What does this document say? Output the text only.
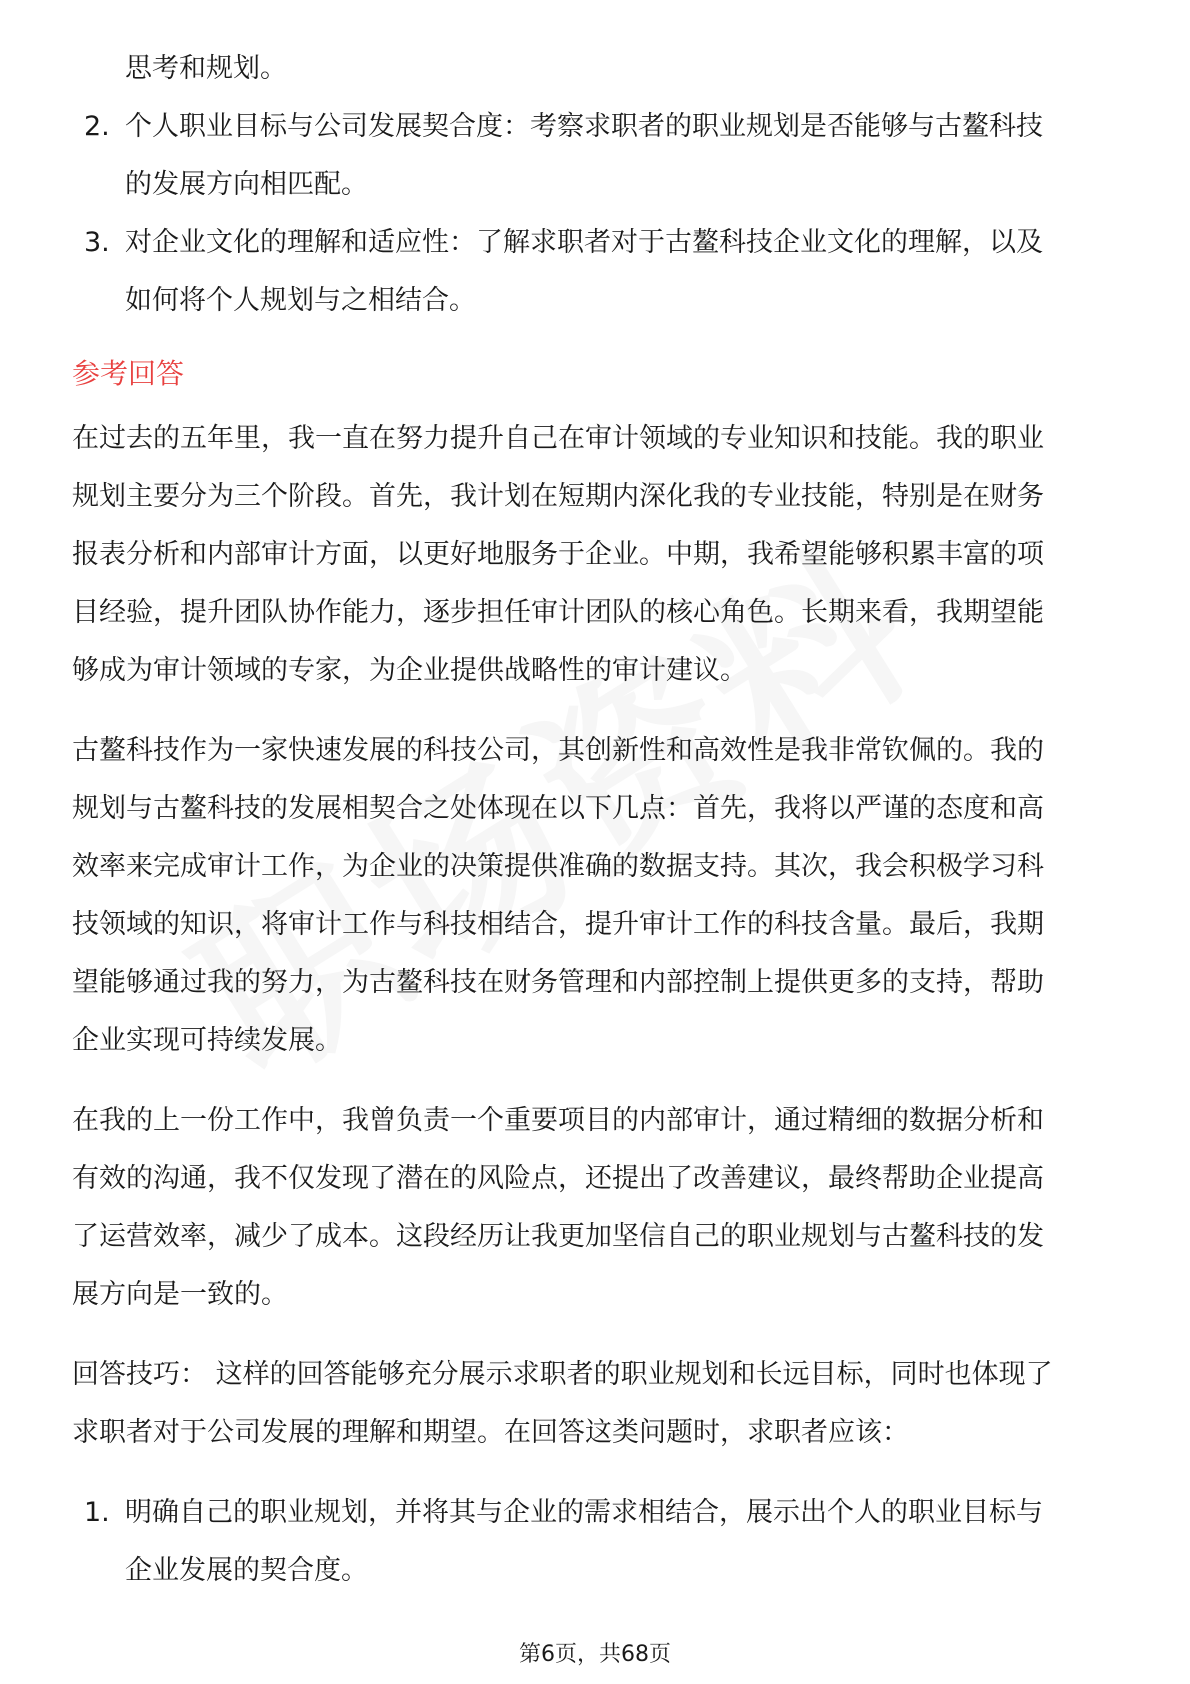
思考和规划。
2. 个人职业目标与公司发展契合度：考察求职者的职业规划是否能够与古鳌科技
的发展方向相匹配。
3. 对企业文化的理解和适应性：了解求职者对于古鳌科技企业文化的理解，以及
如何将个人规划与之相结合。
参考回答
在过去的五年里，我一直在努力提升自己在审计领域的专业知识和技能。我的职业
规划主要分为三个阶段。首先，我计划在短期内深化我的专业技能，特别是在财务
报表分析和内部审计方面，以更好地服务于企业。中期，我希望能够积累丰富的项
目经验，提升团队协作能力，逐步担任审计团队的核心角色。长期来看，我期望能
够成为审计领域的专家，为企业提供战略性的审计建议。
古鳌科技作为一家快速发展的科技公司，其创新性和高效性是我非常钦佩的。我的
规划与古鳌科技的发展相契合之处体现在以下几点：首先，我将以严谨的态度和高
效率来完成审计工作，为企业的决策提供准确的数据支持。其次，我会积极学习科
技领域的知识，将审计工作与科技相结合，提升审计工作的科技含量。最后，我期
望能够通过我的努力，为古鳌科技在财务管理和内部控制上提供更多的支持，帮助
企业实现可持续发展。
在我的上一份工作中，我曾负责一个重要项目的内部审计，通过精细的数据分析和
有效的沟通，我不仅发现了潜在的风险点，还提出了改善建议，最终帮助企业提高
了运营效率，减少了成本。这段经历让我更加坚信自己的职业规划与古鳌科技的发
展方向是一致的。
回答技巧： 这样的回答能够充分展示求职者的职业规划和长远目标，同时也体现了
求职者对于公司发展的理解和期望。在回答这类问题时，求职者应该：
1. 明确自己的职业规划，并将其与企业的需求相结合，展示出个人的职业目标与
企业发展的契合度。
第6页，共68页
